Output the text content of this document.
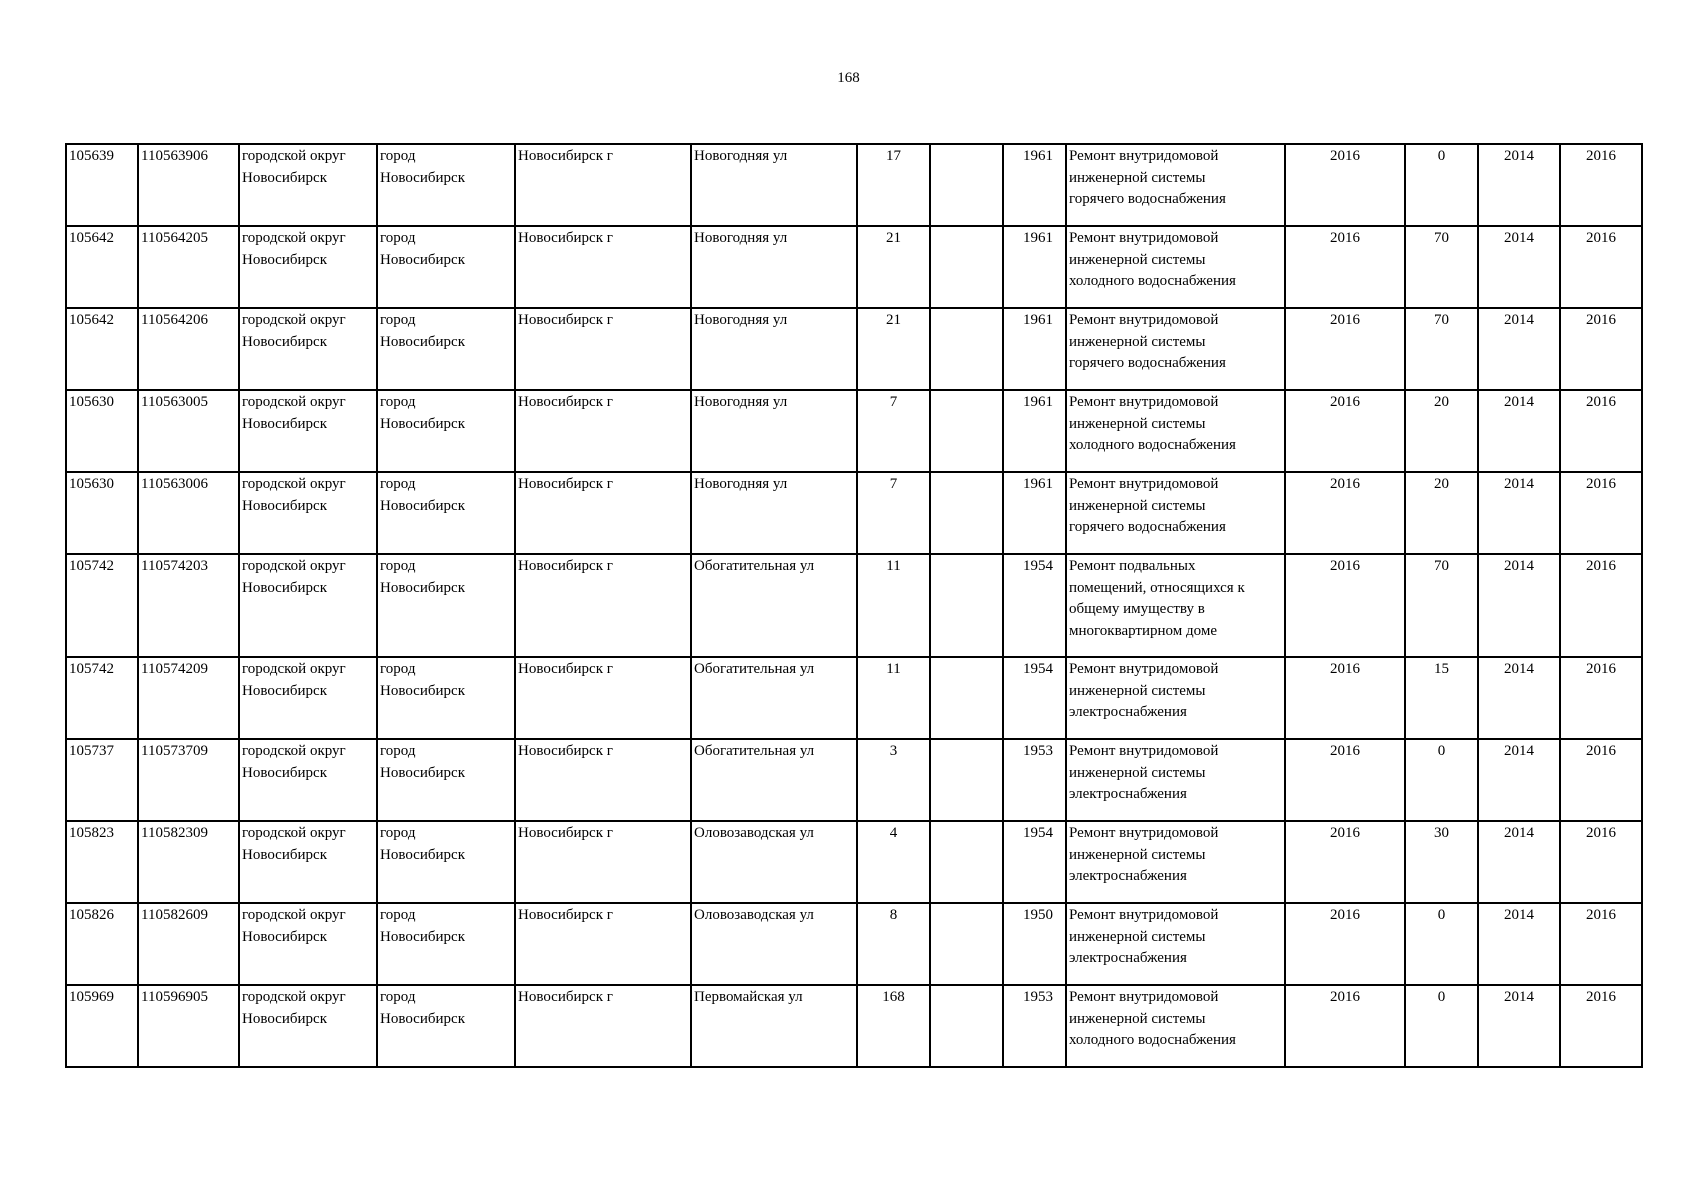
168
105639	110563906	городской округ
Новосибирск	город
Новосибирск	Новосибирск г	Новогодняя ул	17		1961	Ремонт внутридомовой
инженерной системы
горячего водоснабжения	2016	0	2014	2016
105642	110564205	городской округ
Новосибирск	город
Новосибирск	Новосибирск г	Новогодняя ул	21		1961	Ремонт внутридомовой
инженерной системы
холодного водоснабжения	2016	70	2014	2016
105642	110564206	городской округ
Новосибирск	город
Новосибирск	Новосибирск г	Новогодняя ул	21		1961	Ремонт внутридомовой
инженерной системы
горячего водоснабжения	2016	70	2014	2016
105630	110563005	городской округ
Новосибирск	город
Новосибирск	Новосибирск г	Новогодняя ул	7		1961	Ремонт внутридомовой
инженерной системы
холодного водоснабжения	2016	20	2014	2016
105630	110563006	городской округ
Новосибирск	город
Новосибирск	Новосибирск г	Новогодняя ул	7		1961	Ремонт внутридомовой
инженерной системы
горячего водоснабжения	2016	20	2014	2016
105742	110574203	городской округ
Новосибирск	город
Новосибирск	Новосибирск г	Обогатительная ул	11		1954	Ремонт подвальных
помещений, относящихся к
общему имуществу в
многоквартирном доме	2016	70	2014	2016
105742	110574209	городской округ
Новосибирск	город
Новосибирск	Новосибирск г	Обогатительная ул	11		1954	Ремонт внутридомовой
инженерной системы
электроснабжения	2016	15	2014	2016
105737	110573709	городской округ
Новосибирск	город
Новосибирск	Новосибирск г	Обогатительная ул	3		1953	Ремонт внутридомовой
инженерной системы
электроснабжения	2016	0	2014	2016
105823	110582309	городской округ
Новосибирск	город
Новосибирск	Новосибирск г	Оловозаводская ул	4		1954	Ремонт внутридомовой
инженерной системы
электроснабжения	2016	30	2014	2016
105826	110582609	городской округ
Новосибирск	город
Новосибирск	Новосибирск г	Оловозаводская ул	8		1950	Ремонт внутридомовой
инженерной системы
электроснабжения	2016	0	2014	2016
105969	110596905	городской округ
Новосибирск	город
Новосибирск	Новосибирск г	Первомайская ул	168		1953	Ремонт внутридомовой
инженерной системы
холодного водоснабжения	2016	0	2014	2016
